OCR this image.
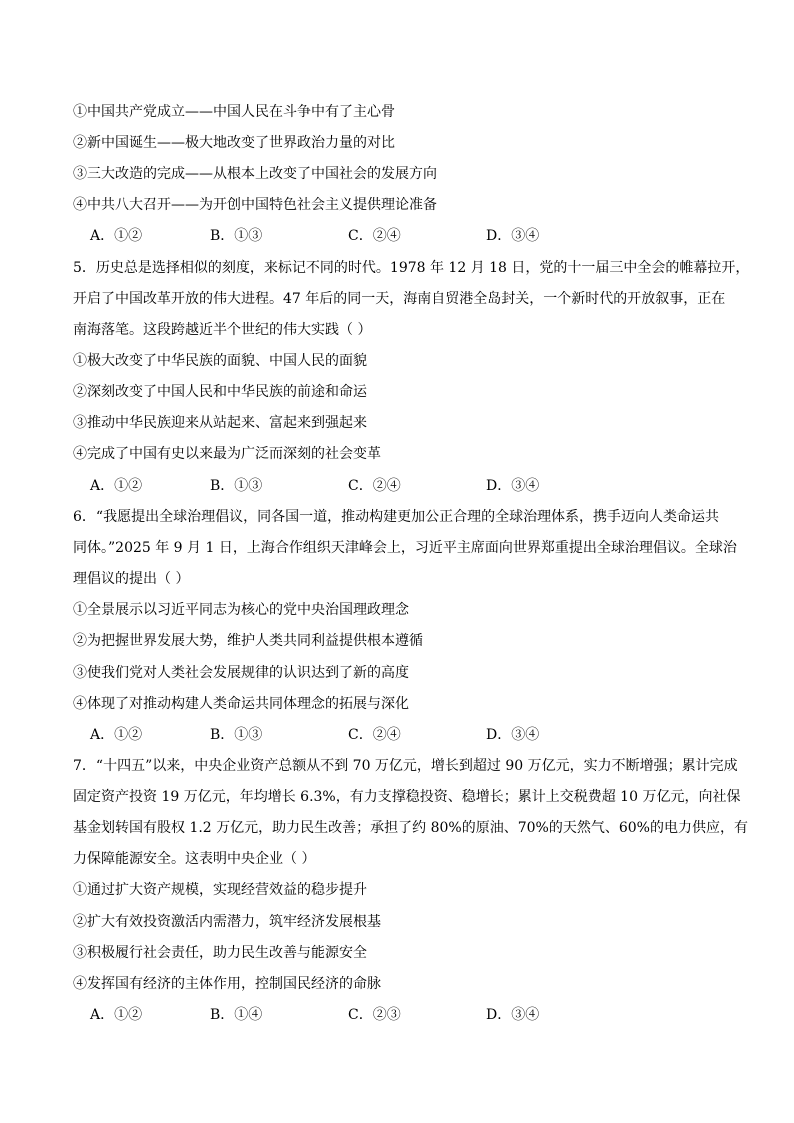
①中国共产党成立——中国人民在斗争中有了主心骨
②新中国诞生——极大地改变了世界政治力量的对比
③三大改造的完成——从根本上改变了中国社会的发展方向
④中共八大召开——为开创中国特色社会主义提供理论准备
A．①②	B．①③	C．②④	D．③④
5．历史总是选择相似的刻度，来标记不同的时代。1978 年 12 月 18 日，党的十一届三中全会的帷幕拉开，
开启了中国改革开放的伟大进程。47 年后的同一天，海南自贸港全岛封关，一个新时代的开放叙事，正在
南海落笔。这段跨越近半个世纪的伟大实践（ ）
①极大改变了中华民族的面貌、中国人民的面貌
②深刻改变了中国人民和中华民族的前途和命运
③推动中华民族迎来从站起来、富起来到强起来
④完成了中国有史以来最为广泛而深刻的社会变革
A．①②	B．①③	C．②④	D．③④
6．“我愿提出全球治理倡议，同各国一道，推动构建更加公正合理的全球治理体系，携手迈向人类命运共
同体。”2025 年 9 月 1 日，上海合作组织天津峰会上，习近平主席面向世界郑重提出全球治理倡议。全球治
理倡议的提出（ ）
①全景展示以习近平同志为核心的党中央治国理政理念
②为把握世界发展大势，维护人类共同利益提供根本遵循
③使我们党对人类社会发展规律的认识达到了新的高度
④体现了对推动构建人类命运共同体理念的拓展与深化
A．①②	B．①③	C．②④	D．③④
7．“十四五”以来，中央企业资产总额从不到 70 万亿元，增长到超过 90 万亿元，实力不断增强；累计完成
固定资产投资 19 万亿元，年均增长 6.3%，有力支撑稳投资、稳增长；累计上交税费超 10 万亿元，向社保
基金划转国有股权 1.2 万亿元，助力民生改善；承担了约 80%的原油、70%的天然气、60%的电力供应，有
力保障能源安全。这表明中央企业（ ）
①通过扩大资产规模，实现经营效益的稳步提升
②扩大有效投资激活内需潜力，筑牢经济发展根基
③积极履行社会责任，助力民生改善与能源安全
④发挥国有经济的主体作用，控制国民经济的命脉
A．①②	B．①④	C．②③	D．③④
